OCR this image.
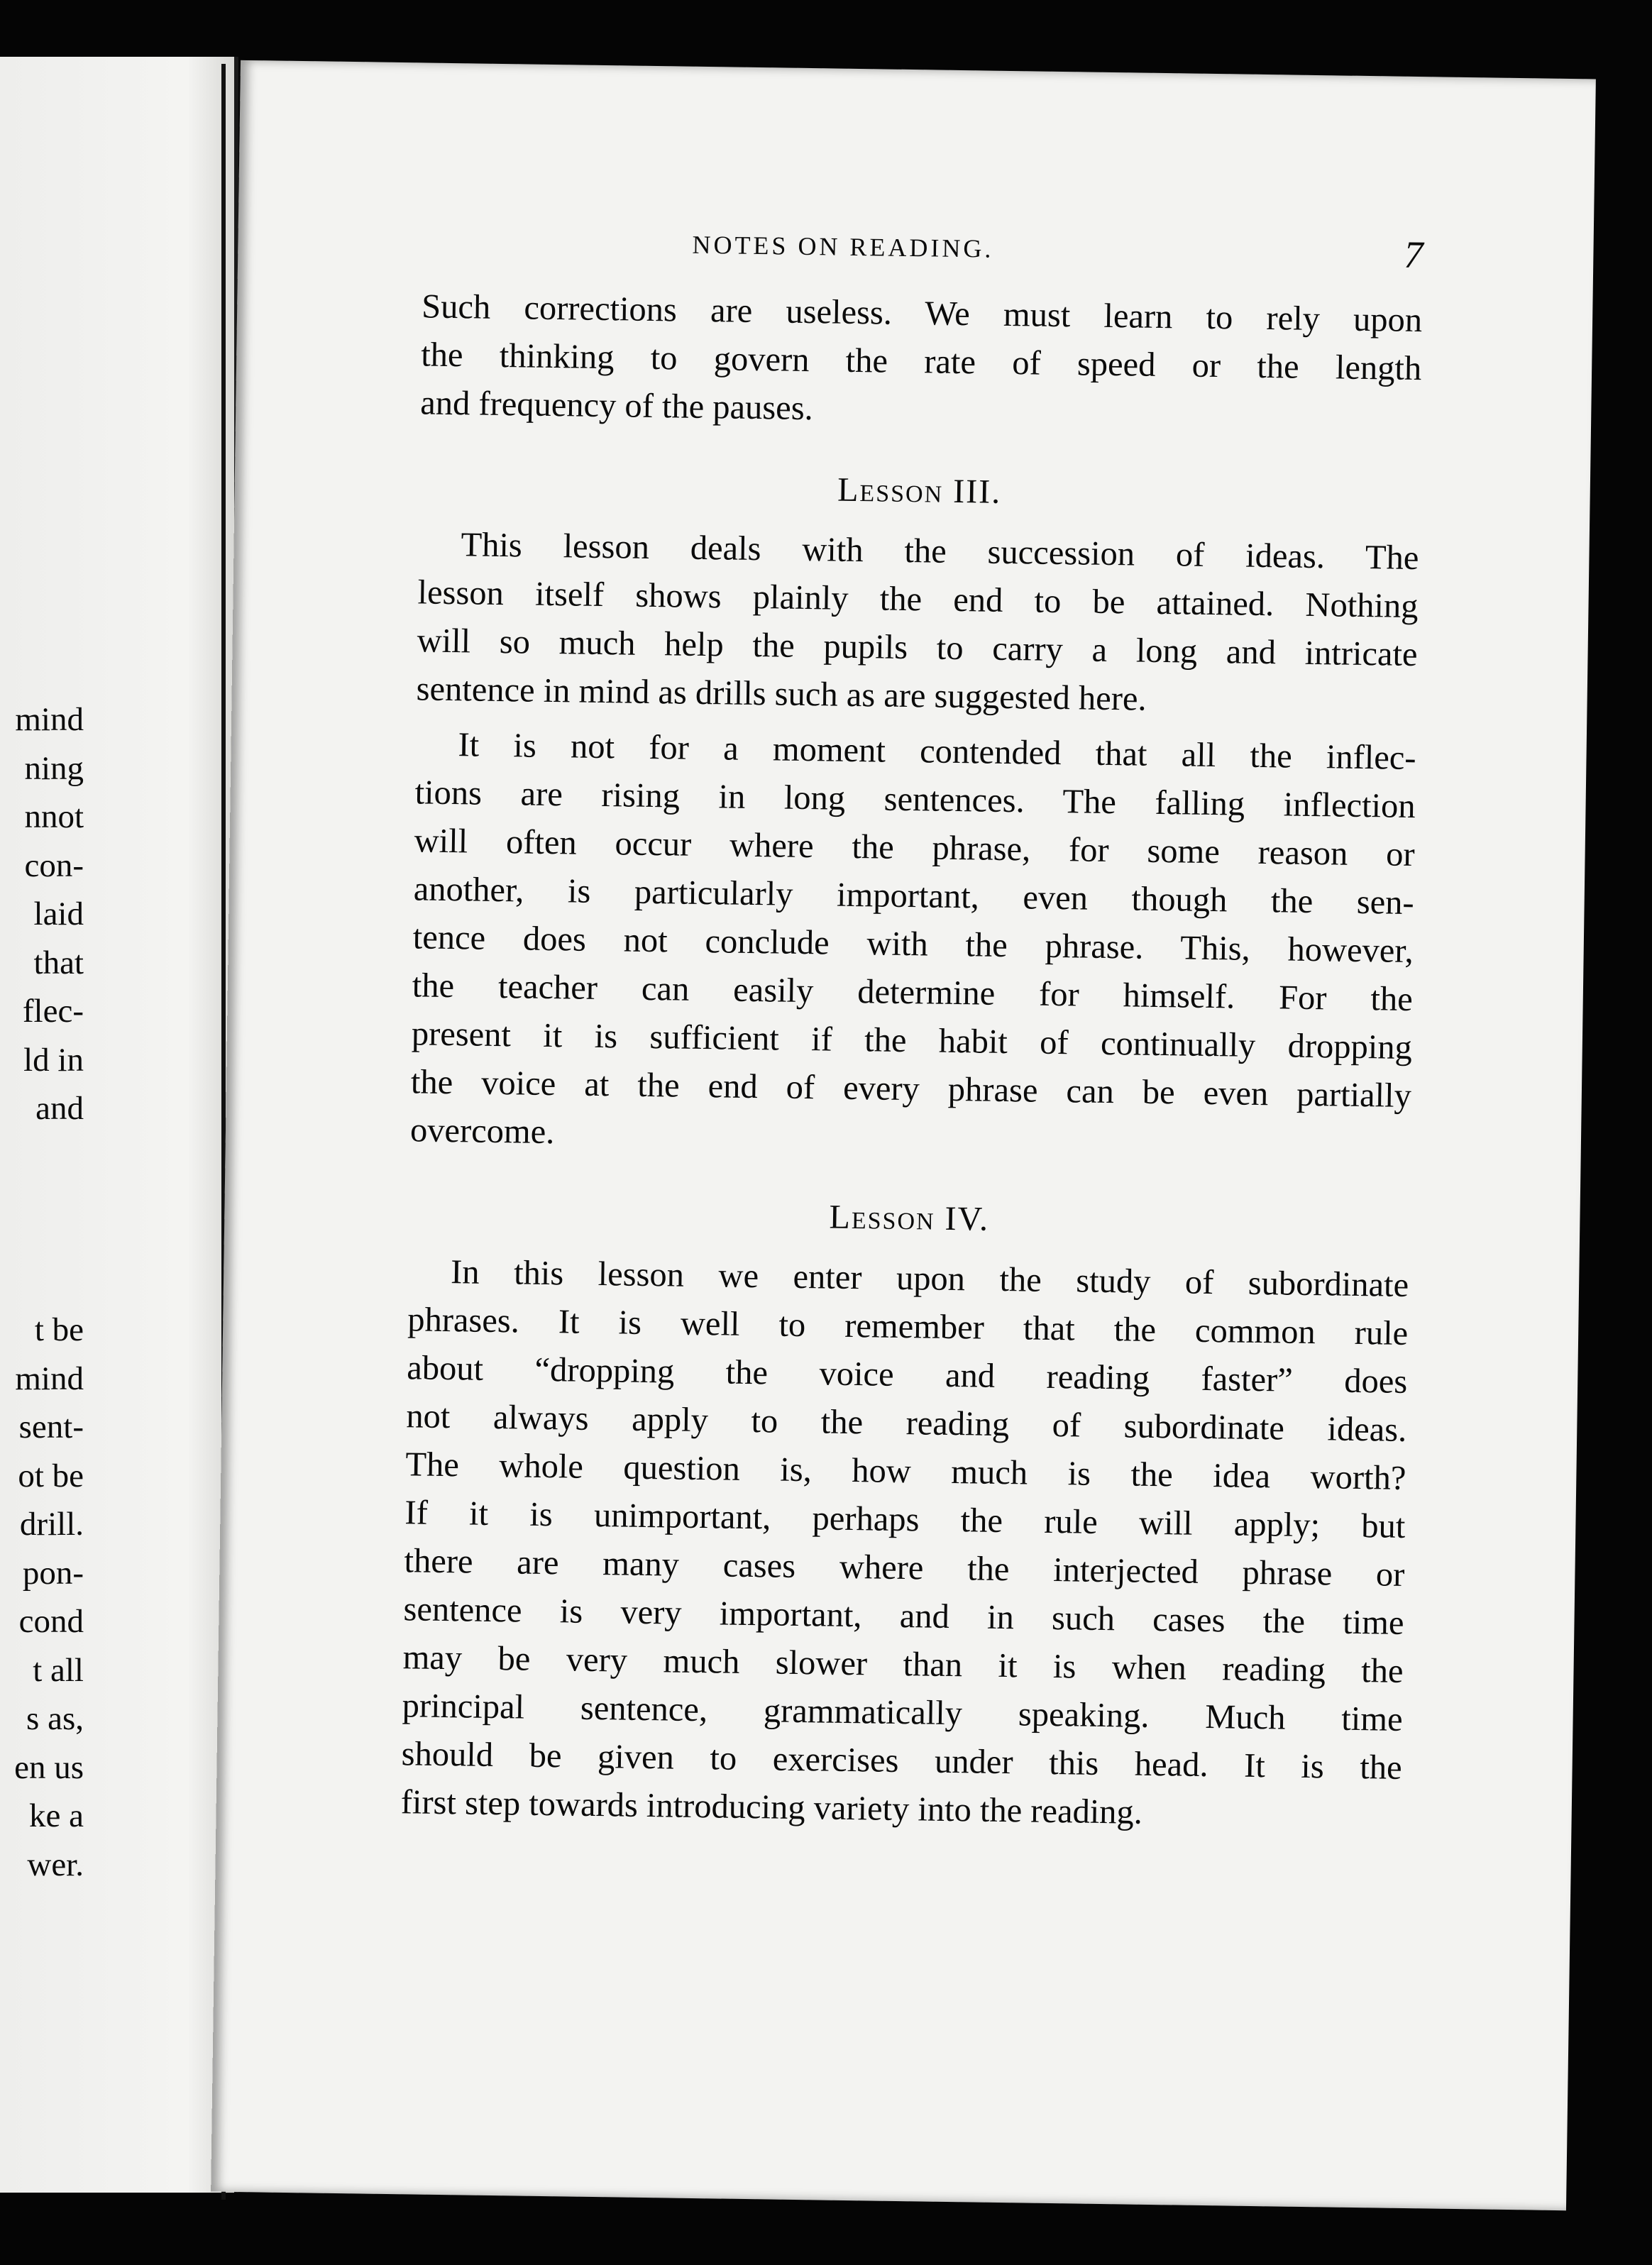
mind
ning
nnot
con-
laid
that
flec-
ld in
and
t be
mind
sent-
ot be
drill.
pon-
cond
t all
s as,
en us
ke a
wer.
NOTES ON READING.	7

Such corrections are useless. We must learn to rely upon
the thinking to govern the rate of speed or the length
and frequency of the pauses.

Lesson III.

This lesson deals with the succession of ideas. The
lesson itself shows plainly the end to be attained. Nothing
will so much help the pupils to carry a long and intricate
sentence in mind as drills such as are suggested here.

It is not for a moment contended that all the inflec-
tions are rising in long sentences. The falling inflection
will often occur where the phrase, for some reason or
another, is particularly important, even though the sen-
tence does not conclude with the phrase. This, however,
the teacher can easily determine for himself. For the
present it is sufficient if the habit of continually dropping
the voice at the end of every phrase can be even partially
overcome.

Lesson IV.

In this lesson we enter upon the study of subordinate
phrases. It is well to remember that the common rule
about “dropping the voice and reading faster” does
not always apply to the reading of subordinate ideas.
The whole question is, how much is the idea worth?
If it is unimportant, perhaps the rule will apply; but
there are many cases where the interjected phrase or
sentence is very important, and in such cases the time
may be very much slower than it is when reading the
principal sentence, grammatically speaking. Much time
should be given to exercises under this head. It is the
first step towards introducing variety into the reading.
